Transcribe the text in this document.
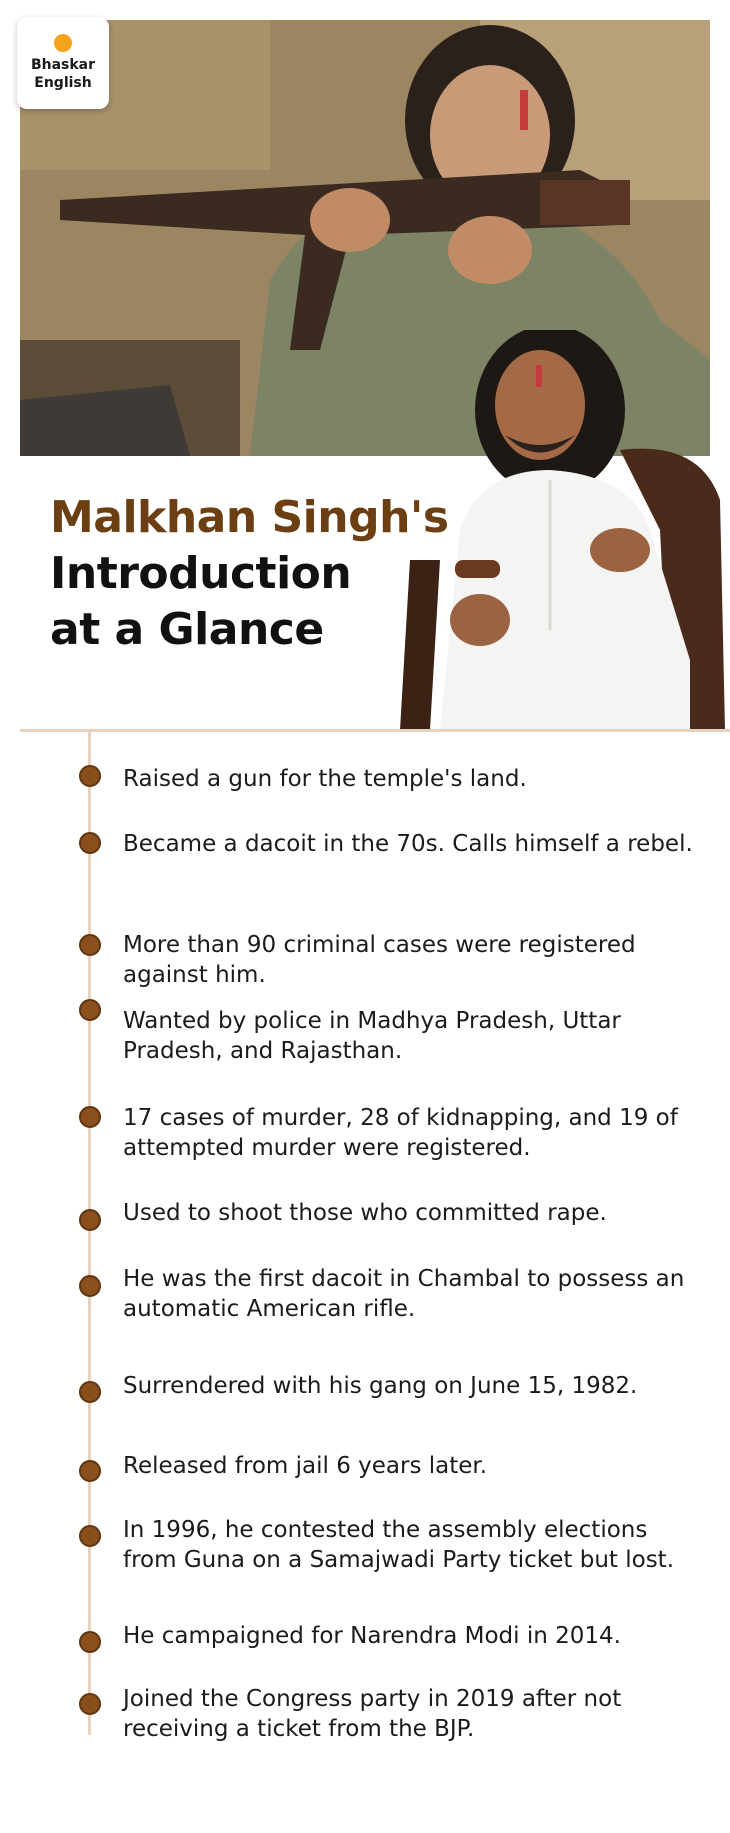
Bhaskar
English
Malkhan Singh's
Introduction at a Glance
Raised a gun for the temple's land.
Became a dacoit in the 70s. Calls himself a rebel.
More than 90 criminal cases were registered against him.
Wanted by police in Madhya Pradesh, Uttar Pradesh, and Rajasthan.
17 cases of murder, 28 of kidnapping, and 19 of attempted murder were registered.
Used to shoot those who committed rape.
He was the first dacoit in Chambal to possess an automatic American rifle.
Surrendered with his gang on June 15, 1982.
Released from jail 6 years later.
In 1996, he contested the assembly elections from Guna on a Samajwadi Party ticket but lost.
He campaigned for Narendra Modi in 2014.
Joined the Congress party in 2019 after not receiving a ticket from the BJP.
